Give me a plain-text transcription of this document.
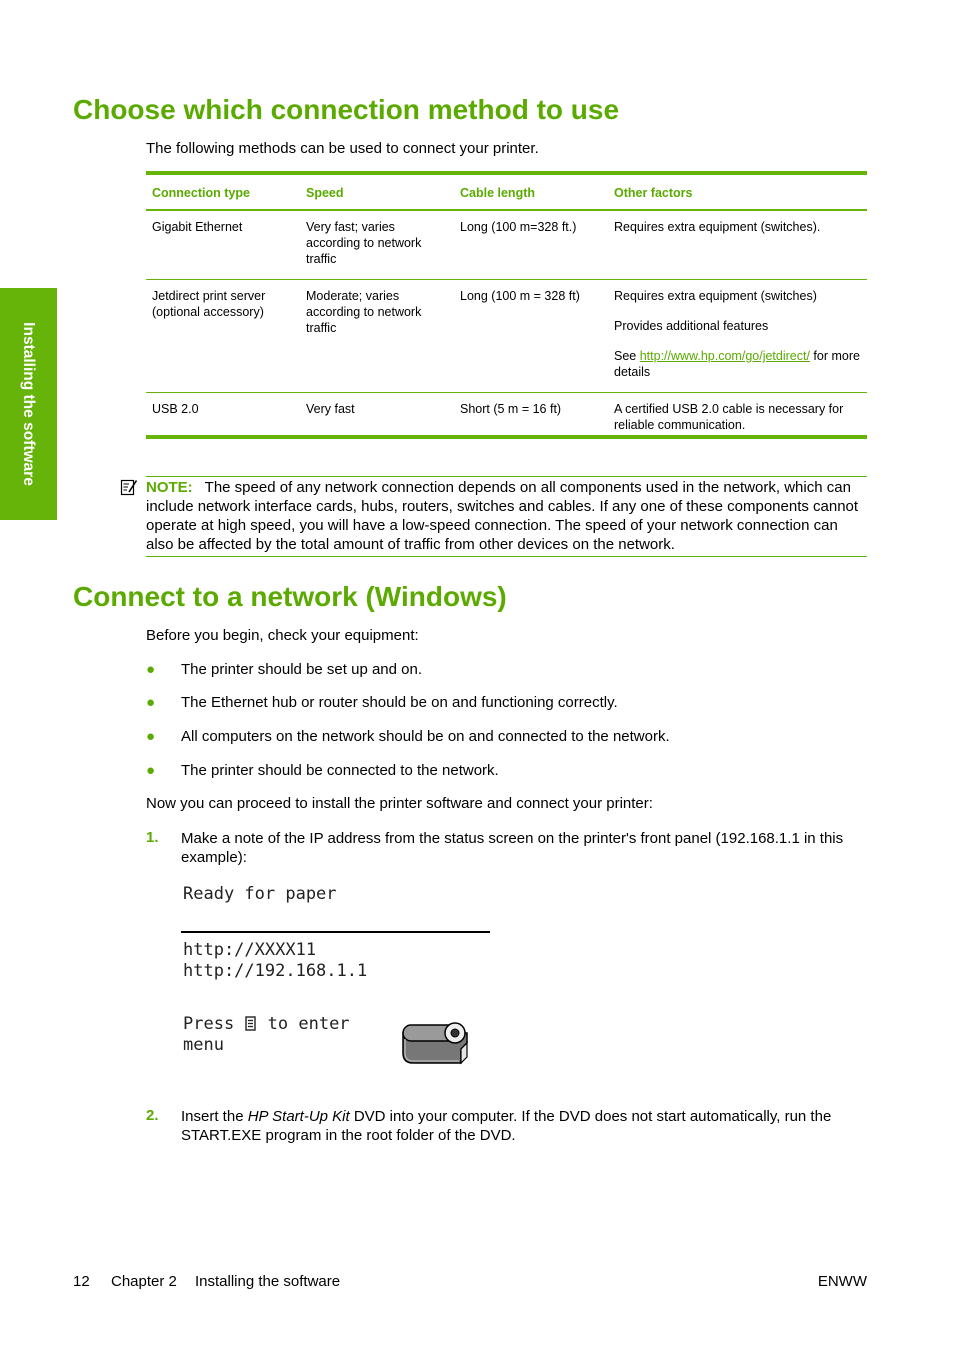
Installing the software
Choose which connection method to use
The following methods can be used to connect your printer.
Connection type	Speed	Cable length	Other factors
Gigabit Ethernet	Very fast; varies according to network traffic	Long (100 m=328 ft.)	Requires extra equipment (switches).

Jetdirect print server (optional accessory)	Moderate; varies according to network traffic	Long (100 m = 328 ft)	Requires extra equipment (switches)
Provides additional features
See http://www.hp.com/go/jetdirect/ for more details

USB 2.0	Very fast	Short (5 m = 16 ft)	A certified USB 2.0 cable is necessary for reliable communication.
NOTE: The speed of any network connection depends on all components used in the network, which can include network interface cards, hubs, routers, switches and cables. If any one of these components cannot operate at high speed, you will have a low-speed connection. The speed of your network connection can also be affected by the total amount of traffic from other devices on the network.
Connect to a network (Windows)
Before you begin, check your equipment:
● The printer should be set up and on.
● The Ethernet hub or router should be on and functioning correctly.
● All computers on the network should be on and connected to the network.
● The printer should be connected to the network.
Now you can proceed to install the printer software and connect your printer:
1. Make a note of the IP address from the status screen on the printer's front panel (192.168.1.1 in this example):
Ready for paper
http://XXXX11
http://192.168.1.1
Press  to enter
menu
2. Insert the HP Start-Up Kit DVD into your computer. If the DVD does not start automatically, run the START.EXE program in the root folder of the DVD.
12 Chapter 2 Installing the software	ENWW
